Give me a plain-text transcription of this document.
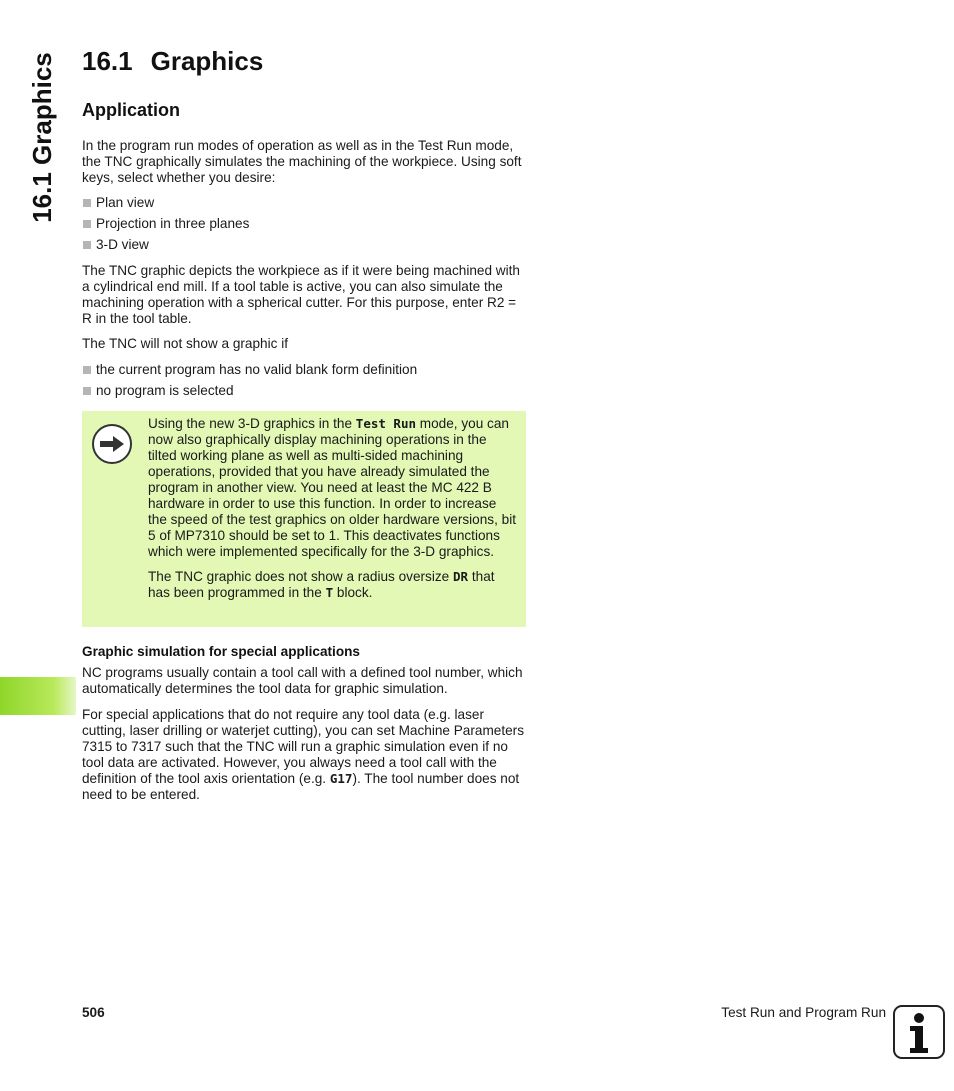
16.1 Graphics 16.1 Graphics
Application

In the program run modes of operation as well as in the Test Run mode, the TNC graphically simulates the machining of the workpiece. Using soft keys, select whether you desire:

Plan view
Projection in three planes
3-D view

The TNC graphic depicts the workpiece as if it were being machined with a cylindrical end mill. If a tool table is active, you can also simulate the machining operation with a spherical cutter. For this purpose, enter R2 = R in the tool table.

The TNC will not show a graphic if

the current program has no valid blank form definition
no program is selected

Using the new 3-D graphics in the Test Run mode, you can now also graphically display machining operations in the tilted working plane as well as multi-sided machining operations, provided that you have already simulated the program in another view. You need at least the MC 422 B hardware in order to use this function. In order to increase the speed of the test graphics on older hardware versions, bit 5 of MP7310 should be set to 1. This deactivates functions which were implemented specifically for the 3-D graphics.

The TNC graphic does not show a radius oversize DR that has been programmed in the T block.

Graphic simulation for special applications

NC programs usually contain a tool call with a defined tool number, which automatically determines the tool data for graphic simulation.

For special applications that do not require any tool data (e.g. laser cutting, laser drilling or waterjet cutting), you can set Machine Parameters 7315 to 7317 such that the TNC will run a graphic simulation even if no tool data are activated. However, you always need a tool call with the definition of the tool axis orientation (e.g. G17). The tool number does not need to be entered.

506	Test Run and Program Run
